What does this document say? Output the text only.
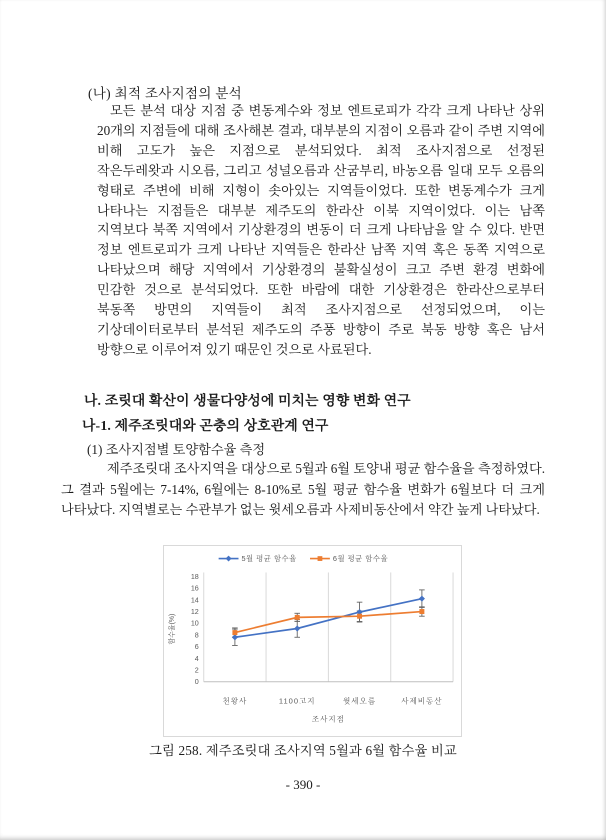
(나) 최적 조사지점의 분석
모든 분석 대상 지점 중 변동계수와 정보 엔트로피가 각각 크게 나타난 상위 20개의 지점들에 대해 조사해본 결과, 대부분의 지점이 오름과 같이 주변 지역에 비해 고도가 높은 지점으로 분석되었다. 최적 조사지점으로 선정된 작은두레왓과 시오름, 그리고 성널오름과 산굼부리, 바농오름 일대 모두 오름의 형태로 주변에 비해 지형이 솟아있는 지역들이었다. 또한 변동계수가 크게 나타나는 지점들은 대부분 제주도의 한라산 이북 지역이었다. 이는 남쪽 지역보다 북쪽 지역에서 기상환경의 변동이 더 크게 나타남을 알 수 있다. 반면 정보 엔트로피가 크게 나타난 지역들은 한라산 남쪽 지역 혹은 동쪽 지역으로 나타났으며 해당 지역에서 기상환경의 불확실성이 크고 주변 환경 변화에 민감한 것으로 분석되었다. 또한 바람에 대한 기상환경은 한라산으로부터 북동쪽 방면의 지역들이 최적 조사지점으로 선정되었으며, 이는 기상데이터로부터 분석된 제주도의 주풍 방향이 주로 북동 방향 혹은 남서 방향으로 이루어져 있기 때문인 것으로 사료된다.
나. 조릿대 확산이 생물다양성에 미치는 영향 변화 연구
나-1. 제주조릿대와 곤충의 상호관계 연구
(1) 조사지점별 토양함수율 측정
제주조릿대 조사지역을 대상으로 5월과 6월 토양내 평균 함수율을 측정하였다. 그 결과 5월에는 7-14%, 6월에는 8-10%로 5월 평균 함수율 변화가 6월보다 더 크게 나타났다. 지역별로는 수관부가 없는 윗세오름과 사제비동산에서 약간 높게 나타났다.
0
2
4
6
8
10
12
14
16
18
천왕사	1100고지	윗세오름	사제비동산
조사지점
함수율(%)
5월 평균 함수율	6월 평균 함수율
그림 258. 제주조릿대 조사지역 5월과 6월 함수율 비교
- 390 -
